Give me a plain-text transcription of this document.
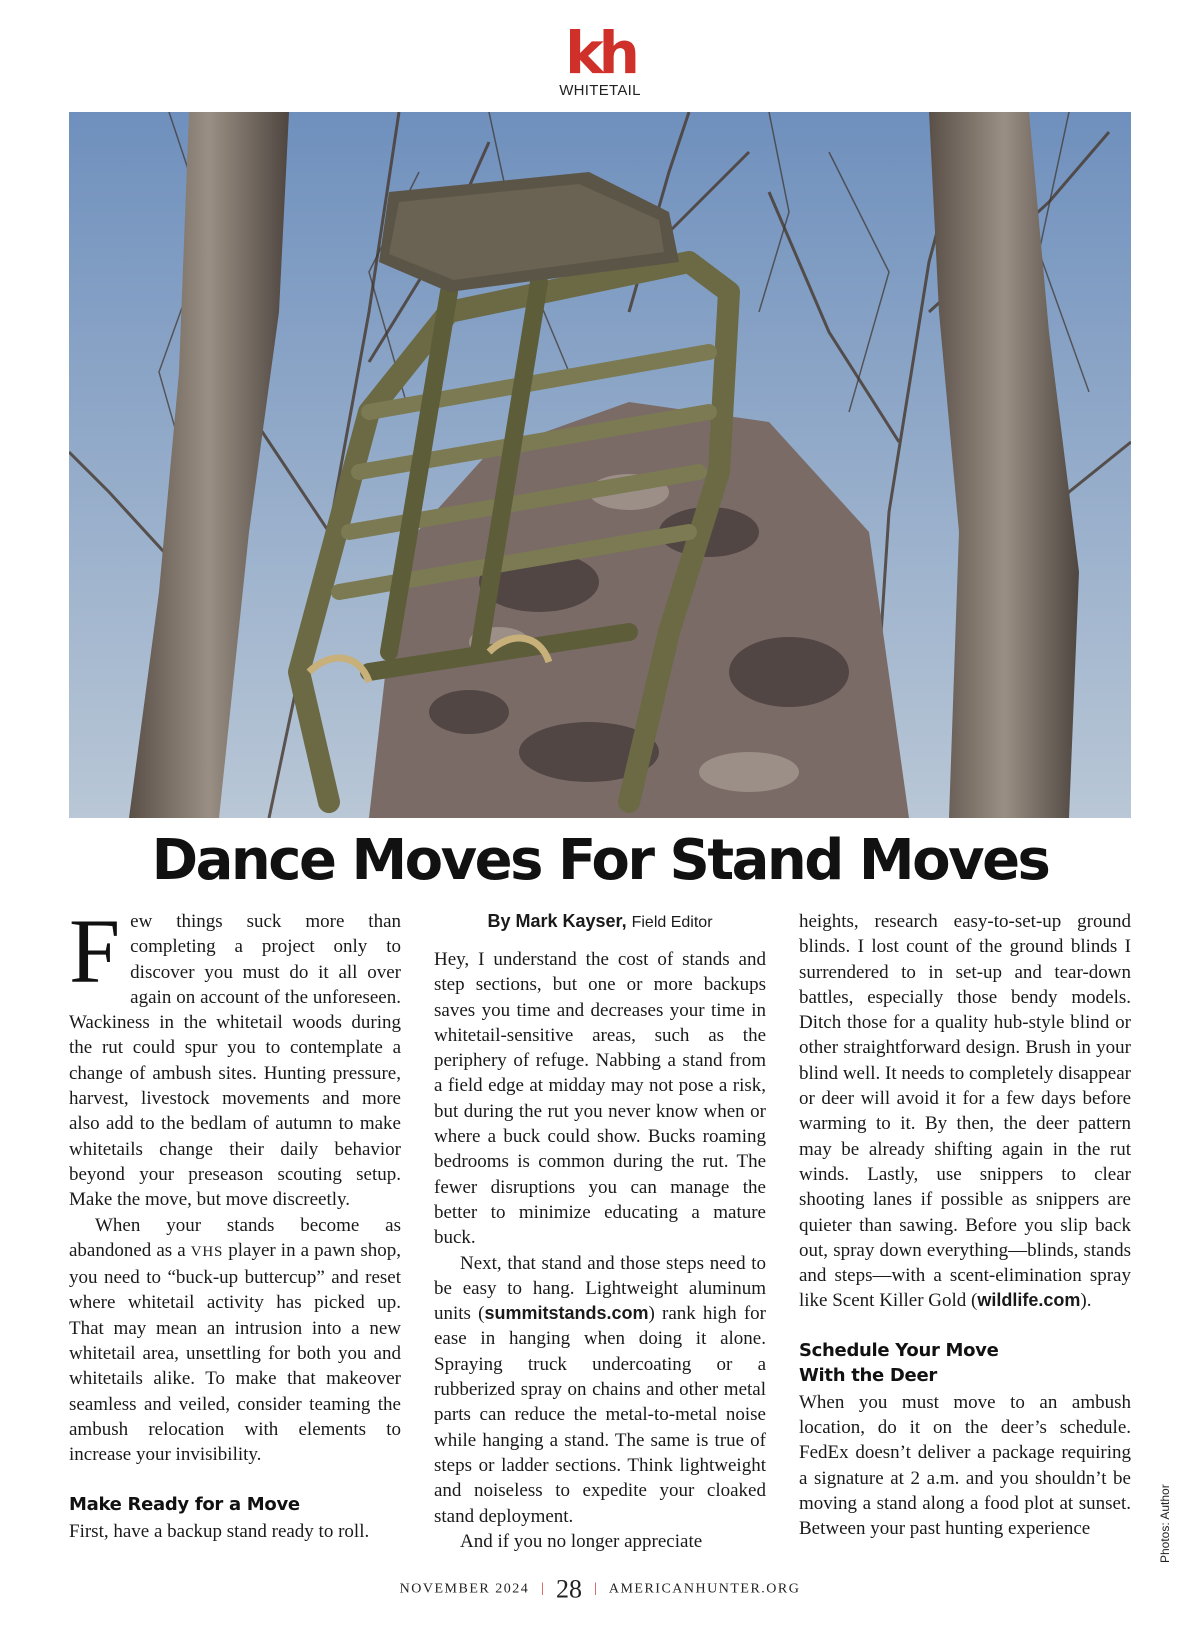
kh
WHITETAIL
Dance Moves For Stand Moves

Few things suck more than completing a project only to discover you must do it all over again on account of the unforeseen. Wackiness in the whitetail woods during the rut could spur you to contemplate a change of ambush sites. Hunting pressure, harvest, livestock movements and more also add to the bedlam of autumn to make whitetails change their daily behavior beyond your preseason scouting setup. Make the move, but move discreetly.

When your stands become as abandoned as a VHS player in a pawn shop, you need to “buck-up buttercup” and reset where whitetail activity has picked up. That may mean an intrusion into a new whitetail area, unsettling for both you and whitetails alike. To make that makeover seamless and veiled, consider teaming the ambush relocation with elements to increase your invisibility.

Make Ready for a Move

First, have a backup stand ready to roll.

By Mark Kayser, Field Editor

Hey, I understand the cost of stands and step sections, but one or more backups saves you time and decreases your time in whitetail-sensitive areas, such as the periphery of refuge. Nabbing a stand from a field edge at midday may not pose a risk, but during the rut you never know when or where a buck could show. Bucks roaming bedrooms is common during the rut. The fewer disruptions you can manage the better to minimize educating a mature buck.

Next, that stand and those steps need to be easy to hang. Lightweight aluminum units (summitstands.com) rank high for ease in hanging when doing it alone. Spraying truck undercoating or a rubberized spray on chains and other metal parts can reduce the metal-to-metal noise while hanging a stand. The same is true of steps or ladder sections. Think lightweight and noiseless to expedite your cloaked stand deployment.

And if you no longer appreciate

heights, research easy-to-set-up ground blinds. I lost count of the ground blinds I surrendered to in set-up and tear-down battles, especially those bendy models. Ditch those for a quality hub-style blind or other straightforward design. Brush in your blind well. It needs to completely disappear or deer will avoid it for a few days before warming to it. By then, the deer pattern may be already shifting again in the rut winds. Lastly, use snippers to clear shooting lanes if possible as snippers are quieter than sawing. Before you slip back out, spray down everything—blinds, stands and steps—with a scent-elimination spray like Scent Killer Gold (wildlife.com).

Schedule Your Move
With the Deer

When you must move to an ambush location, do it on the deer’s schedule. FedEx doesn’t deliver a package requiring a signature at 2 a.m. and you shouldn’t be moving a stand along a food plot at sunset. Between your past hunting experience	Photos: Author
NOVEMBER 2024 | 28 | AMERICANHUNTER.ORG
